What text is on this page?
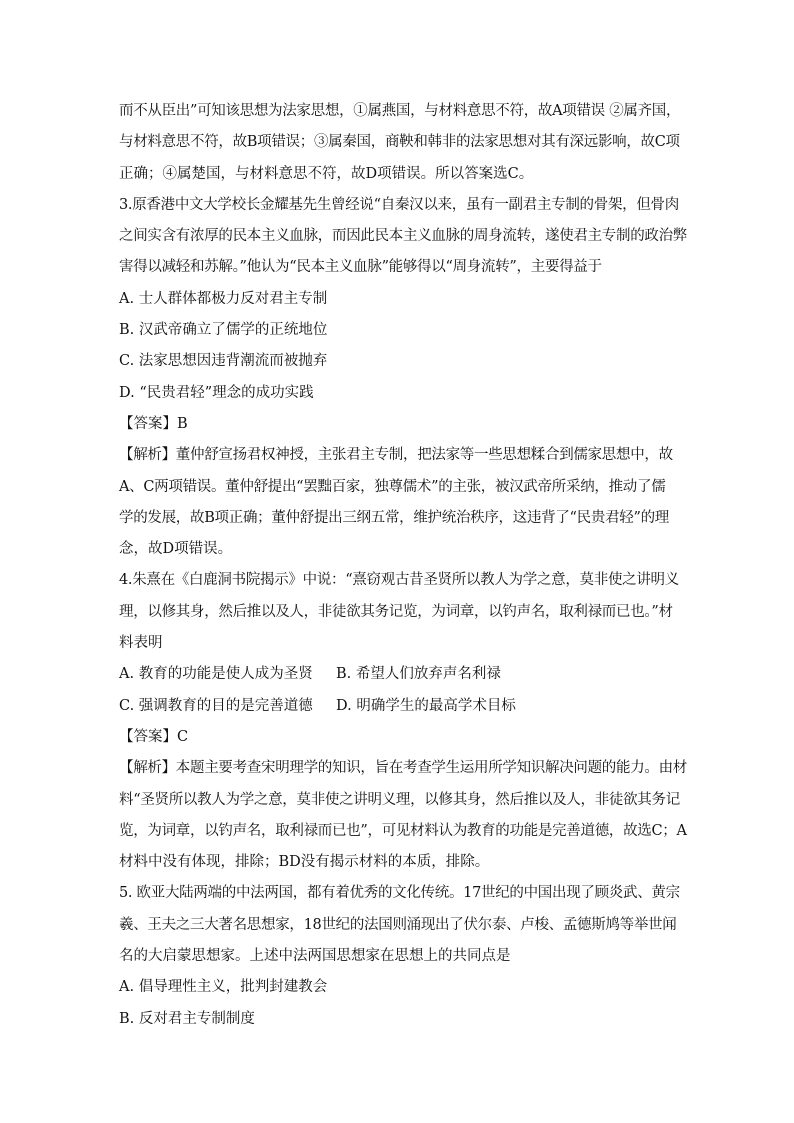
而不从臣出”可知该思想为法家思想，①属燕国，与材料意思不符，故A项错误 ②属齐国，
与材料意思不符，故B项错误；③属秦国，商鞅和韩非的法家思想对其有深远影响，故C项
正确；④属楚国，与材料意思不符，故D项错误。所以答案选C。
3.原香港中文大学校长金耀基先生曾经说“自秦汉以来，虽有一副君主专制的骨架，但骨肉
之间实含有浓厚的民本主义血脉，而因此民本主义血脉的周身流转，遂使君主专制的政治弊
害得以减轻和苏解。”他认为“民本主义血脉”能够得以“周身流转”，主要得益于
A. 士人群体都极力反对君主专制
B. 汉武帝确立了儒学的正统地位
C. 法家思想因违背潮流而被抛弃
D. “民贵君轻”理念的成功实践
【答案】B
【解析】董仲舒宣扬君权神授，主张君主专制，把法家等一些思想糅合到儒家思想中，故
A、C两项错误。董仲舒提出“罢黜百家，独尊儒术”的主张，被汉武帝所采纳，推动了儒
学的发展，故B项正确；董仲舒提出三纲五常，维护统治秩序，这违背了“民贵君轻”的理
念，故D项错误。
4.朱熹在《白鹿洞书院揭示》中说：“熹窃观古昔圣贤所以教人为学之意，莫非使之讲明义
理，以修其身，然后推以及人，非徒欲其务记览，为词章，以钓声名，取利禄而已也。”材
料表明
A. 教育的功能是使人成为圣贤	B. 希望人们放弃声名利禄
C. 强调教育的目的是完善道德	D. 明确学生的最高学术目标
【答案】C
【解析】本题主要考查宋明理学的知识，旨在考查学生运用所学知识解决问题的能力。由材
料“圣贤所以教人为学之意，莫非使之讲明义理，以修其身，然后推以及人，非徒欲其务记
览，为词章，以钓声名，取利禄而已也”，可见材料认为教育的功能是完善道德，故选C；A
材料中没有体现，排除；BD没有揭示材料的本质，排除。
5. 欧亚大陆两端的中法两国，都有着优秀的文化传统。17世纪的中国出现了顾炎武、黄宗
羲、王夫之三大著名思想家，18世纪的法国则涌现出了伏尔泰、卢梭、孟德斯鸠等举世闻
名的大启蒙思想家。上述中法两国思想家在思想上的共同点是
A. 倡导理性主义，批判封建教会
B. 反对君主专制制度
